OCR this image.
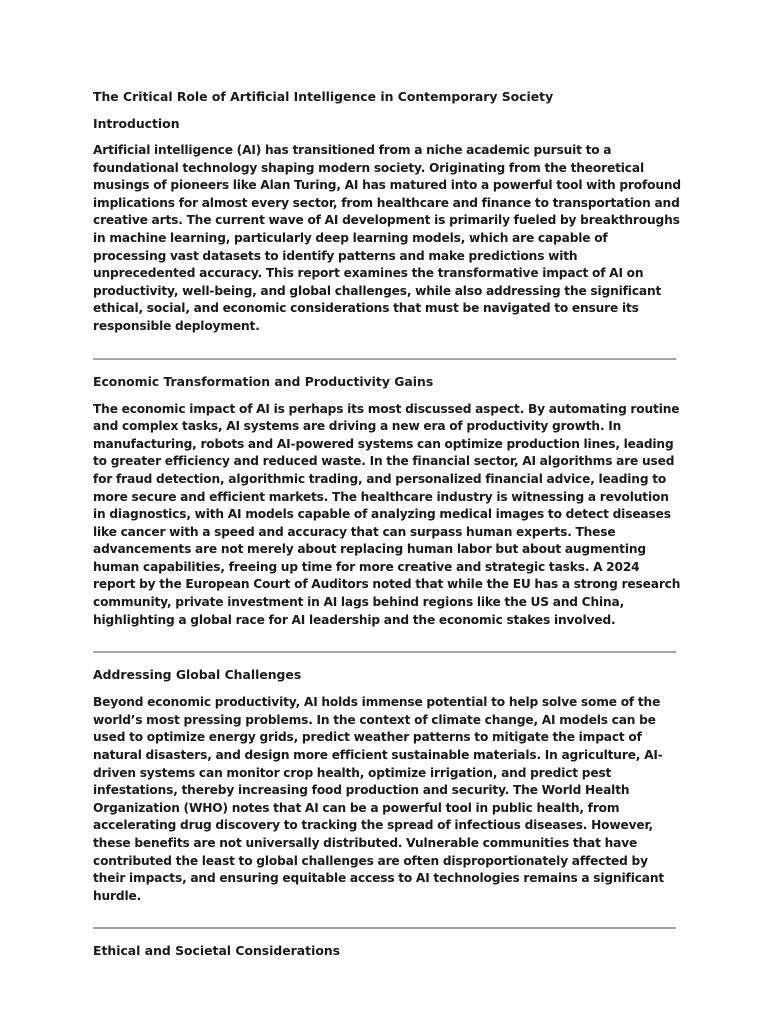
The Critical Role of Artificial Intelligence in Contemporary Society
Introduction

Artificial intelligence (AI) has transitioned from a niche academic pursuit to a foundational technology shaping modern society. Originating from the theoretical musings of pioneers like Alan Turing, AI has matured into a powerful tool with profound implications for almost every sector, from healthcare and finance to transportation and creative arts. The current wave of AI development is primarily fueled by breakthroughs in machine learning, particularly deep learning models, which are capable of processing vast datasets to identify patterns and make predictions with unprecedented accuracy. This report examines the transformative impact of AI on productivity, well-being, and global challenges, while also addressing the significant ethical, social, and economic considerations that must be navigated to ensure its responsible deployment.

Economic Transformation and Productivity Gains

The economic impact of AI is perhaps its most discussed aspect. By automating routine and complex tasks, AI systems are driving a new era of productivity growth. In manufacturing, robots and AI-powered systems can optimize production lines, leading to greater efficiency and reduced waste. In the financial sector, AI algorithms are used for fraud detection, algorithmic trading, and personalized financial advice, leading to more secure and efficient markets. The healthcare industry is witnessing a revolution in diagnostics, with AI models capable of analyzing medical images to detect diseases like cancer with a speed and accuracy that can surpass human experts. These advancements are not merely about replacing human labor but about augmenting human capabilities, freeing up time for more creative and strategic tasks. A 2024 report by the European Court of Auditors noted that while the EU has a strong research community, private investment in AI lags behind regions like the US and China, highlighting a global race for AI leadership and the economic stakes involved.

Addressing Global Challenges

Beyond economic productivity, AI holds immense potential to help solve some of the world’s most pressing problems. In the context of climate change, AI models can be used to optimize energy grids, predict weather patterns to mitigate the impact of natural disasters, and design more efficient sustainable materials. In agriculture, AI-driven systems can monitor crop health, optimize irrigation, and predict pest infestations, thereby increasing food production and security. The World Health Organization (WHO) notes that AI can be a powerful tool in public health, from accelerating drug discovery to tracking the spread of infectious diseases. However, these benefits are not universally distributed. Vulnerable communities that have contributed the least to global challenges are often disproportionately affected by their impacts, and ensuring equitable access to AI technologies remains a significant hurdle.

Ethical and Societal Considerations
